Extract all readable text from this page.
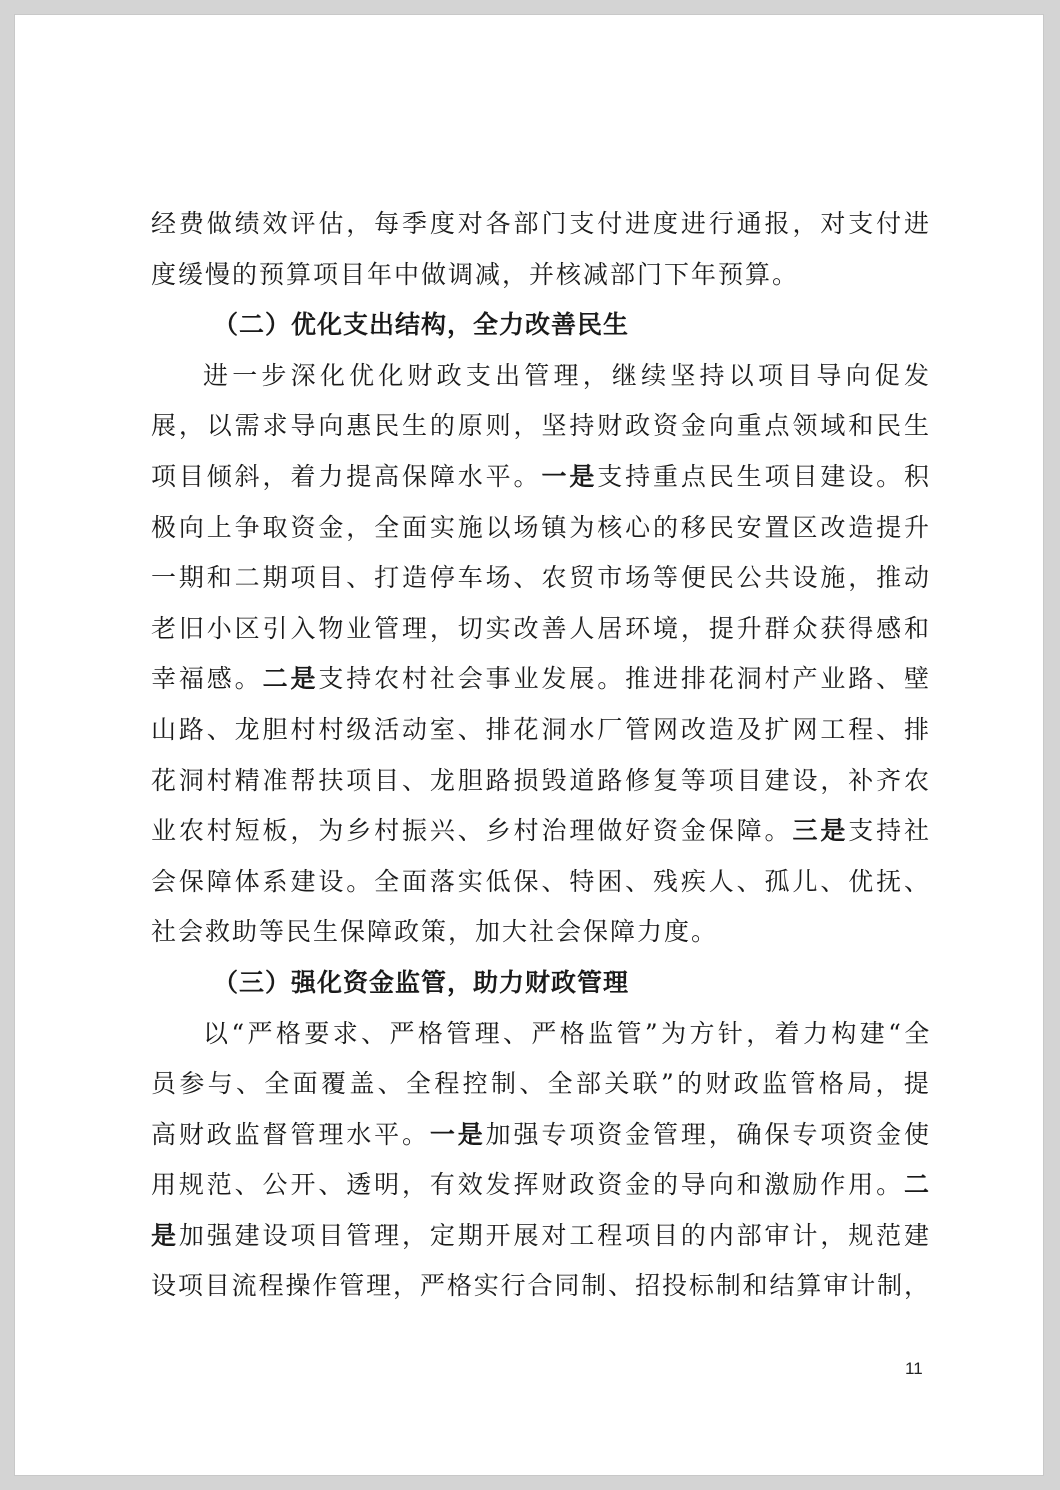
经费做绩效评估，每季度对各部门支付进度进行通报，对支付进
度缓慢的预算项目年中做调减，并核减部门下年预算。
（二）优化支出结构，全力改善民生
进一步深化优化财政支出管理，继续坚持以项目导向促发
展，以需求导向惠民生的原则，坚持财政资金向重点领域和民生
项目倾斜，着力提高保障水平。一是支持重点民生项目建设。积
极向上争取资金，全面实施以场镇为核心的移民安置区改造提升
一期和二期项目、打造停车场、农贸市场等便民公共设施，推动
老旧小区引入物业管理，切实改善人居环境，提升群众获得感和
幸福感。二是支持农村社会事业发展。推进排花洞村产业路、壁
山路、龙胆村村级活动室、排花洞水厂管网改造及扩网工程、排
花洞村精准帮扶项目、龙胆路损毁道路修复等项目建设，补齐农
业农村短板，为乡村振兴、乡村治理做好资金保障。三是支持社
会保障体系建设。全面落实低保、特困、残疾人、孤儿、优抚、
社会救助等民生保障政策，加大社会保障力度。
（三）强化资金监管，助力财政管理
以“严格要求、严格管理、严格监管”为方针，着力构建“全
员参与、全面覆盖、全程控制、全部关联”的财政监管格局，提
高财政监督管理水平。一是加强专项资金管理，确保专项资金使
用规范、公开、透明，有效发挥财政资金的导向和激励作用。二
是加强建设项目管理，定期开展对工程项目的内部审计，规范建
设项目流程操作管理，严格实行合同制、招投标制和结算审计制，
11
